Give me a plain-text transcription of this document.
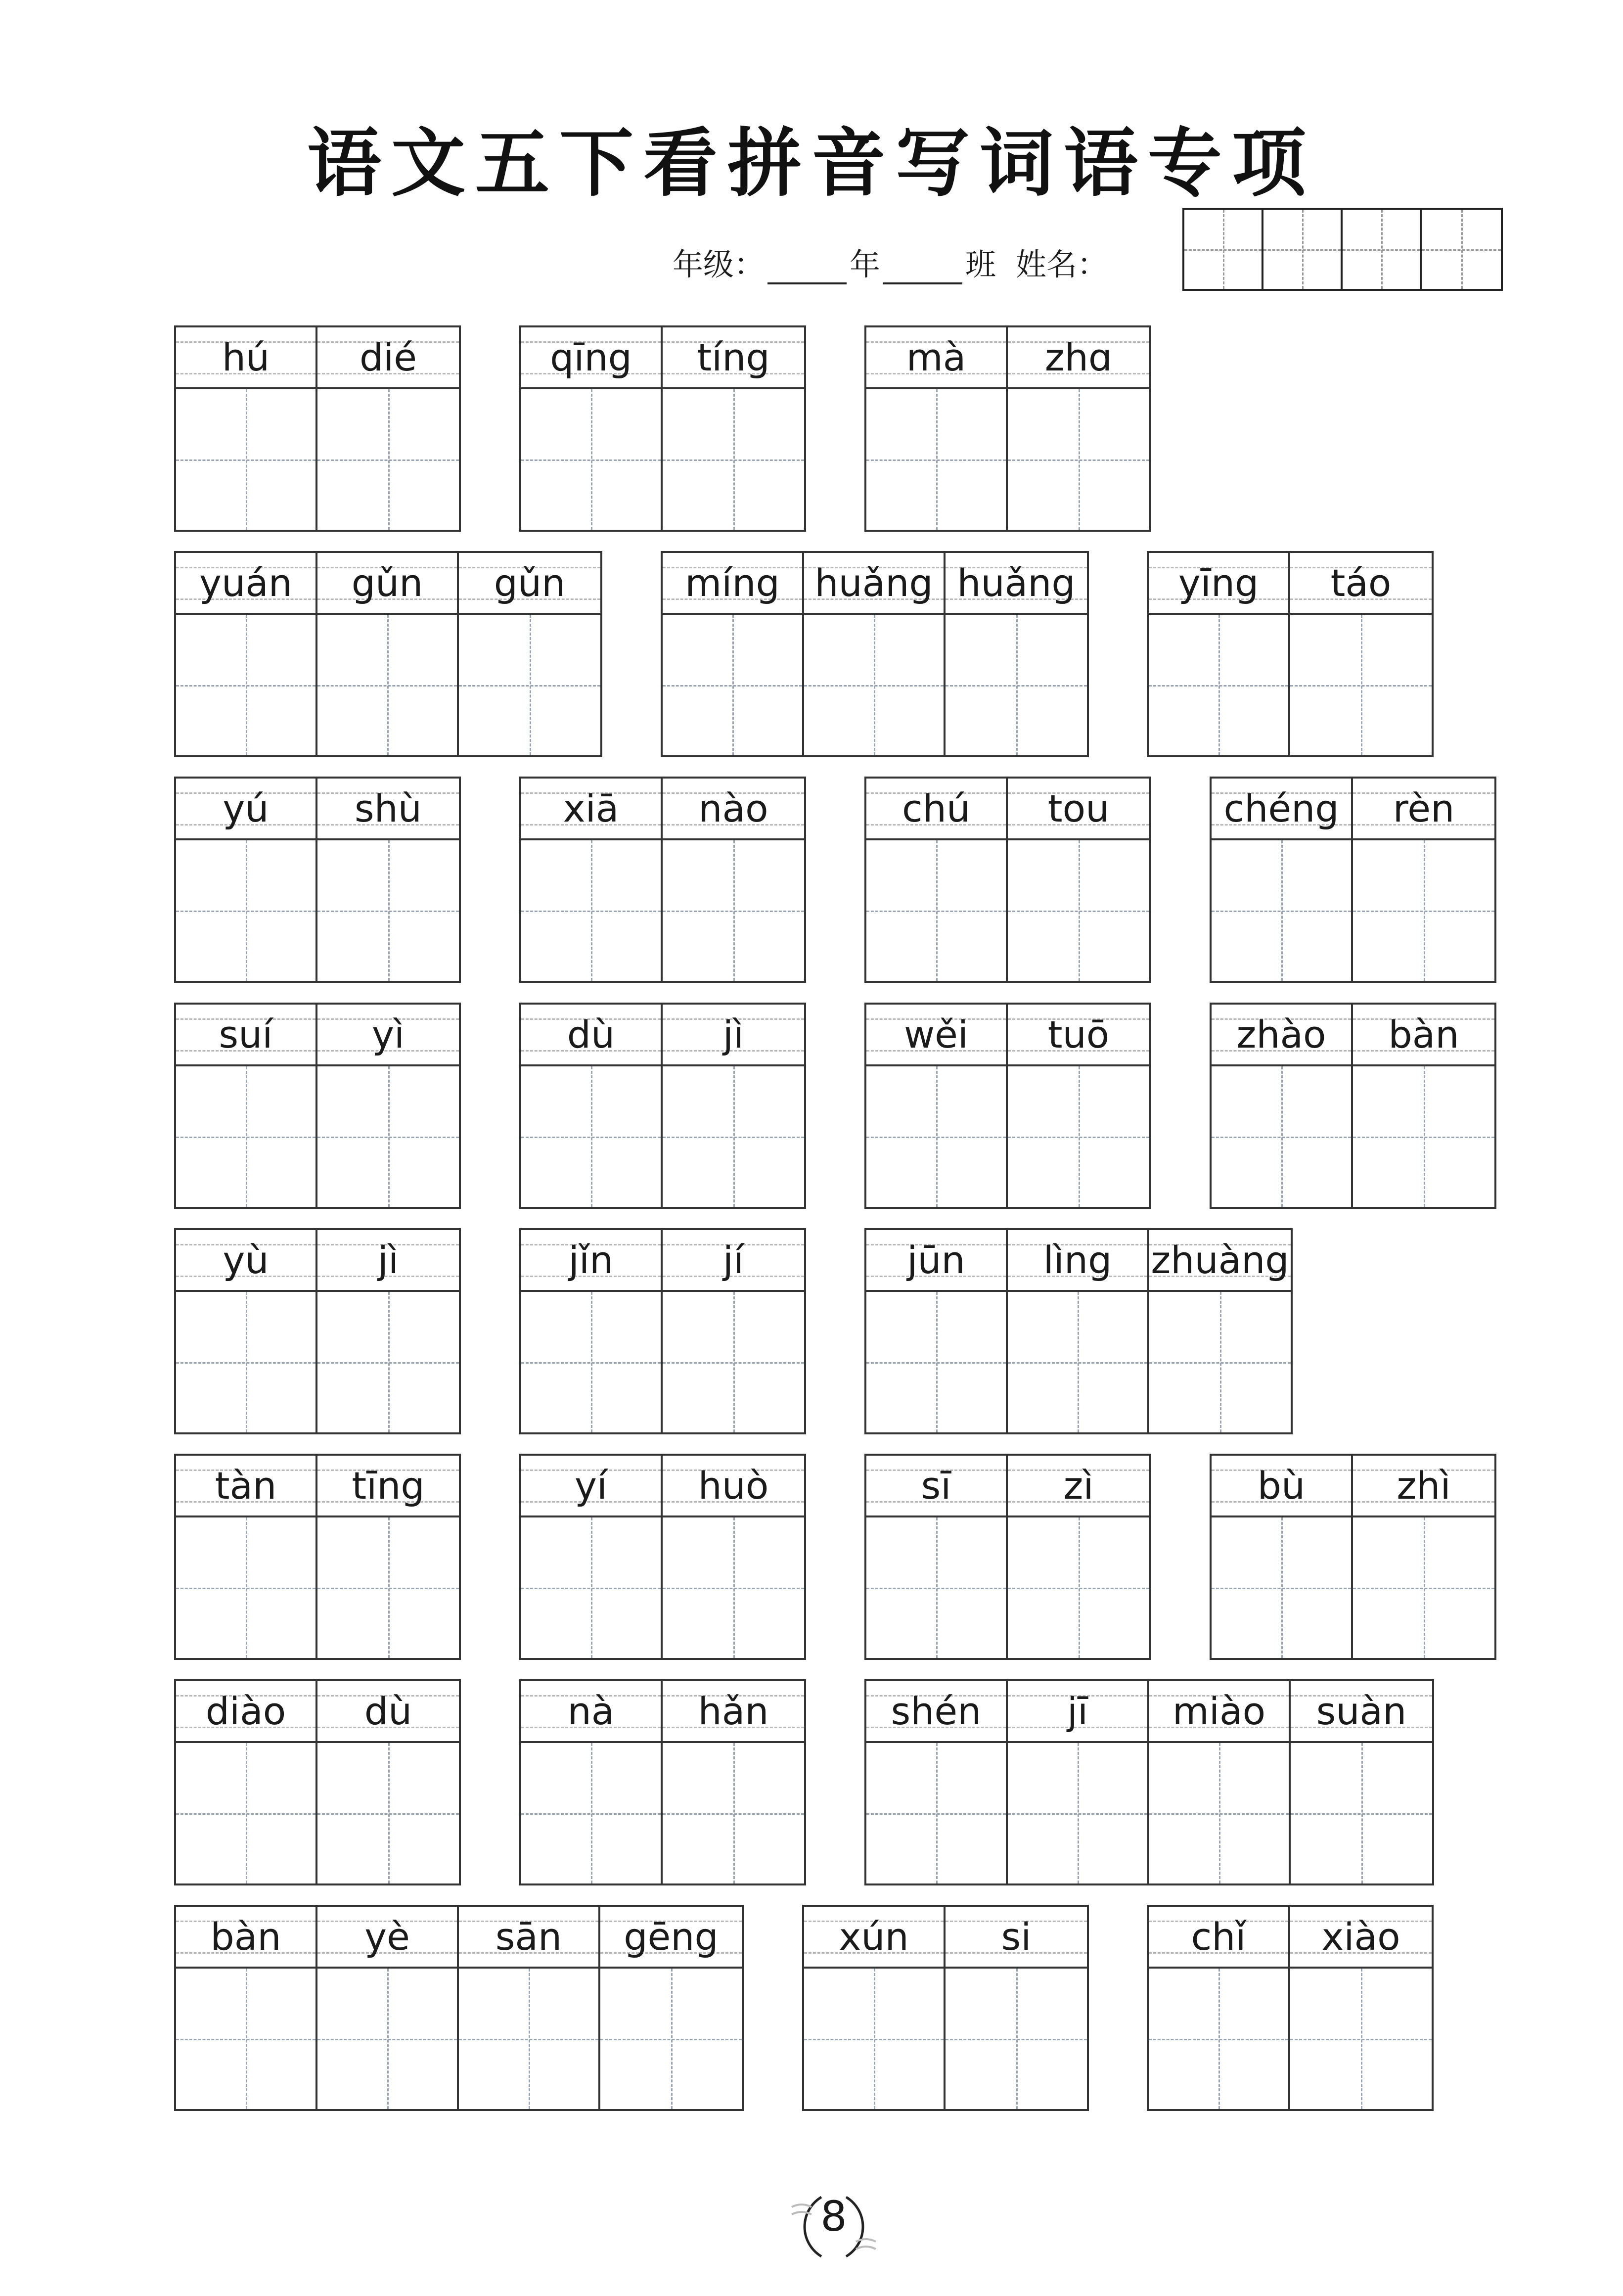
语文五下看拼音写词语专项
年级：	年	班 姓名：
hú dié	qīng tíng	mà zhɑ
yuán gǔn gǔn	míng huǎng huǎng	yīng táo
yú shù	xiā nào	chú tou	chéng rèn
suí	yì	dù	jì	wěi tuō	zhào bàn
yù	jì	jǐn	jí	jūn lìng zhuàng
tàn tīng	yí huò	sī	zì	bù zhì
diào dù	nà hǎn	shén jī miào suàn
bàn yè sān gēng	xún si	chǐ xiào
8
